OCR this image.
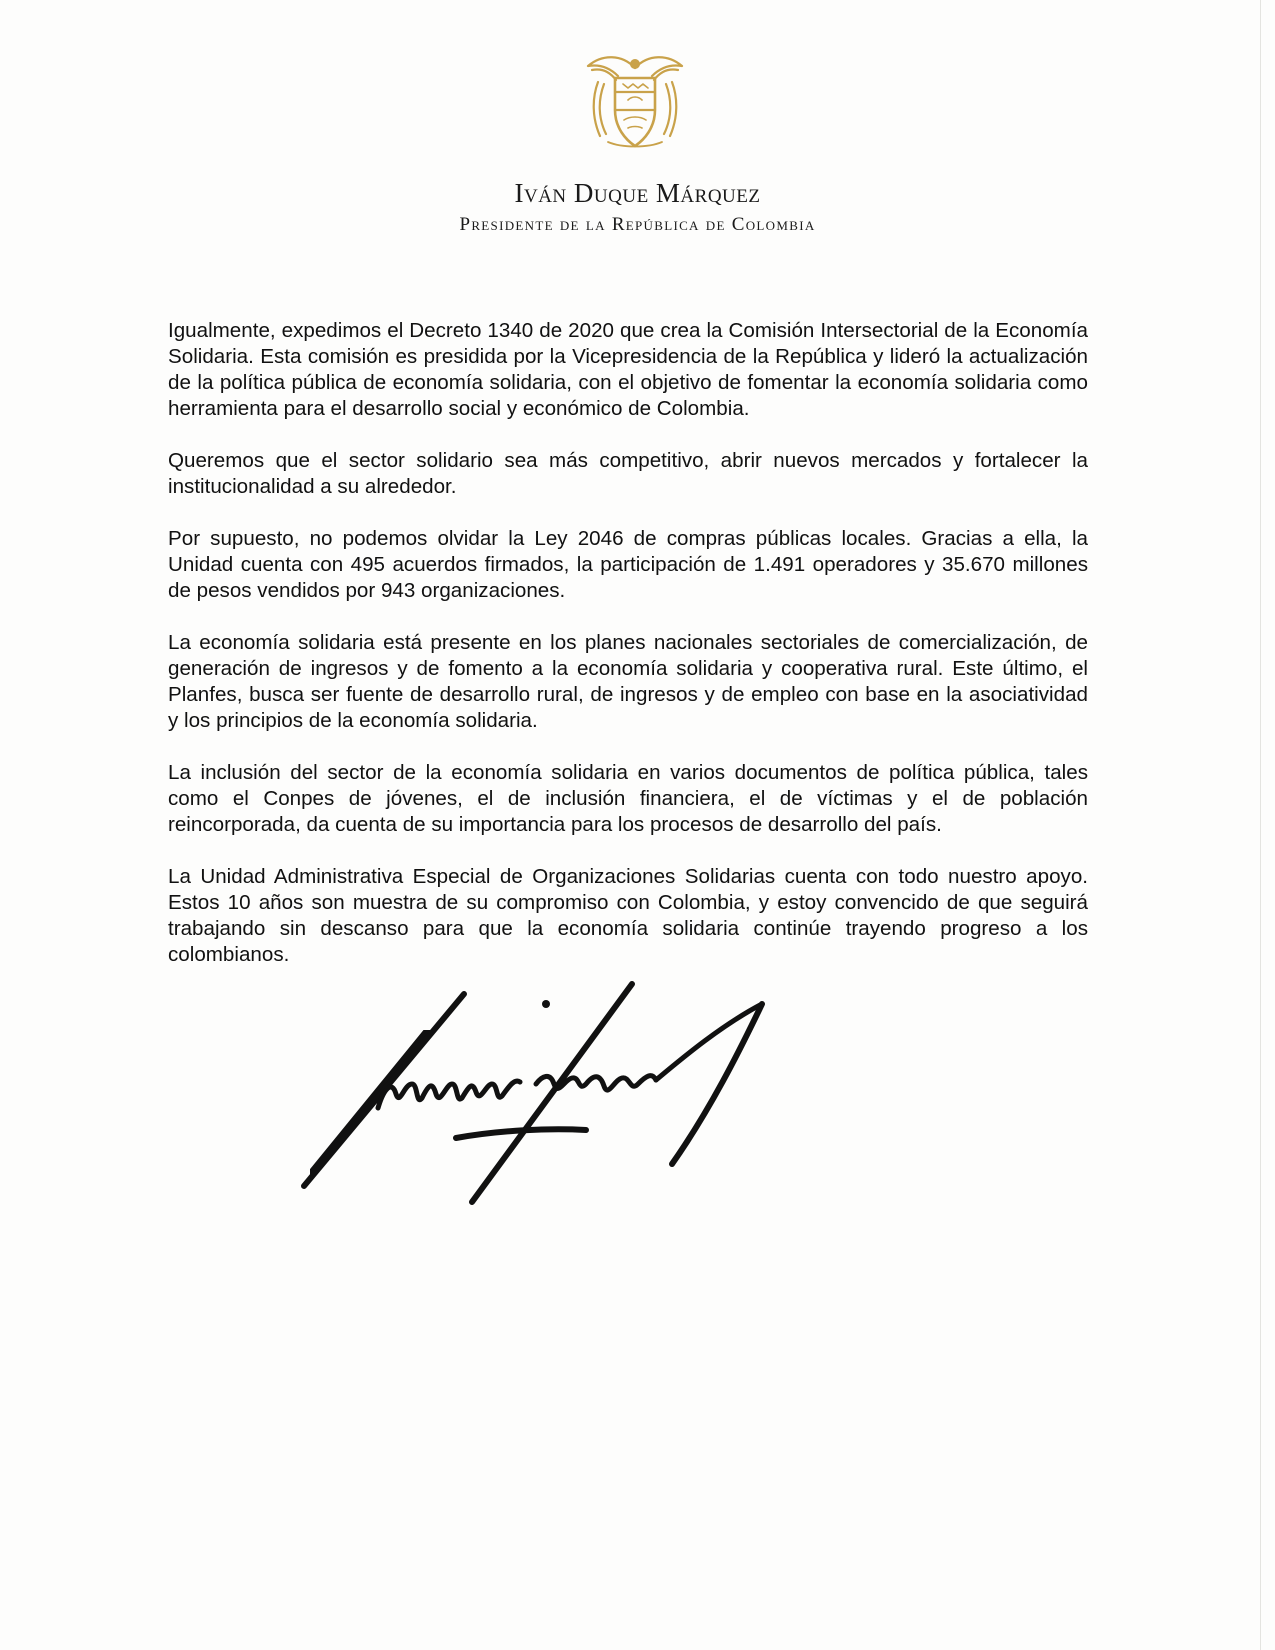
Iván Duque Márquez
Presidente de la República de Colombia

Igualmente, expedimos el Decreto 1340 de 2020 que crea la Comisión Intersectorial de la Economía Solidaria. Esta comisión es presidida por la Vicepresidencia de la República y lideró la actualización de la política pública de economía solidaria, con el objetivo de fomentar la economía solidaria como herramienta para el desarrollo social y económico de Colombia.

Queremos que el sector solidario sea más competitivo, abrir nuevos mercados y fortalecer la institucionalidad a su alrededor.

Por supuesto, no podemos olvidar la Ley 2046 de compras públicas locales. Gracias a ella, la Unidad cuenta con 495 acuerdos firmados, la participación de 1.491 operadores y 35.670 millones de pesos vendidos por 943 organizaciones.

La economía solidaria está presente en los planes nacionales sectoriales de comercialización, de generación de ingresos y de fomento a la economía solidaria y cooperativa rural. Este último, el Planfes, busca ser fuente de desarrollo rural, de ingresos y de empleo con base en la asociatividad y los principios de la economía solidaria.

La inclusión del sector de la economía solidaria en varios documentos de política pública, tales como el Conpes de jóvenes, el de inclusión financiera, el de víctimas y el de población reincorporada, da cuenta de su importancia para los procesos de desarrollo del país.

La Unidad Administrativa Especial de Organizaciones Solidarias cuenta con todo nuestro apoyo. Estos 10 años son muestra de su compromiso con Colombia, y estoy convencido de que seguirá trabajando sin descanso para que la economía solidaria continúe trayendo progreso a los colombianos.
